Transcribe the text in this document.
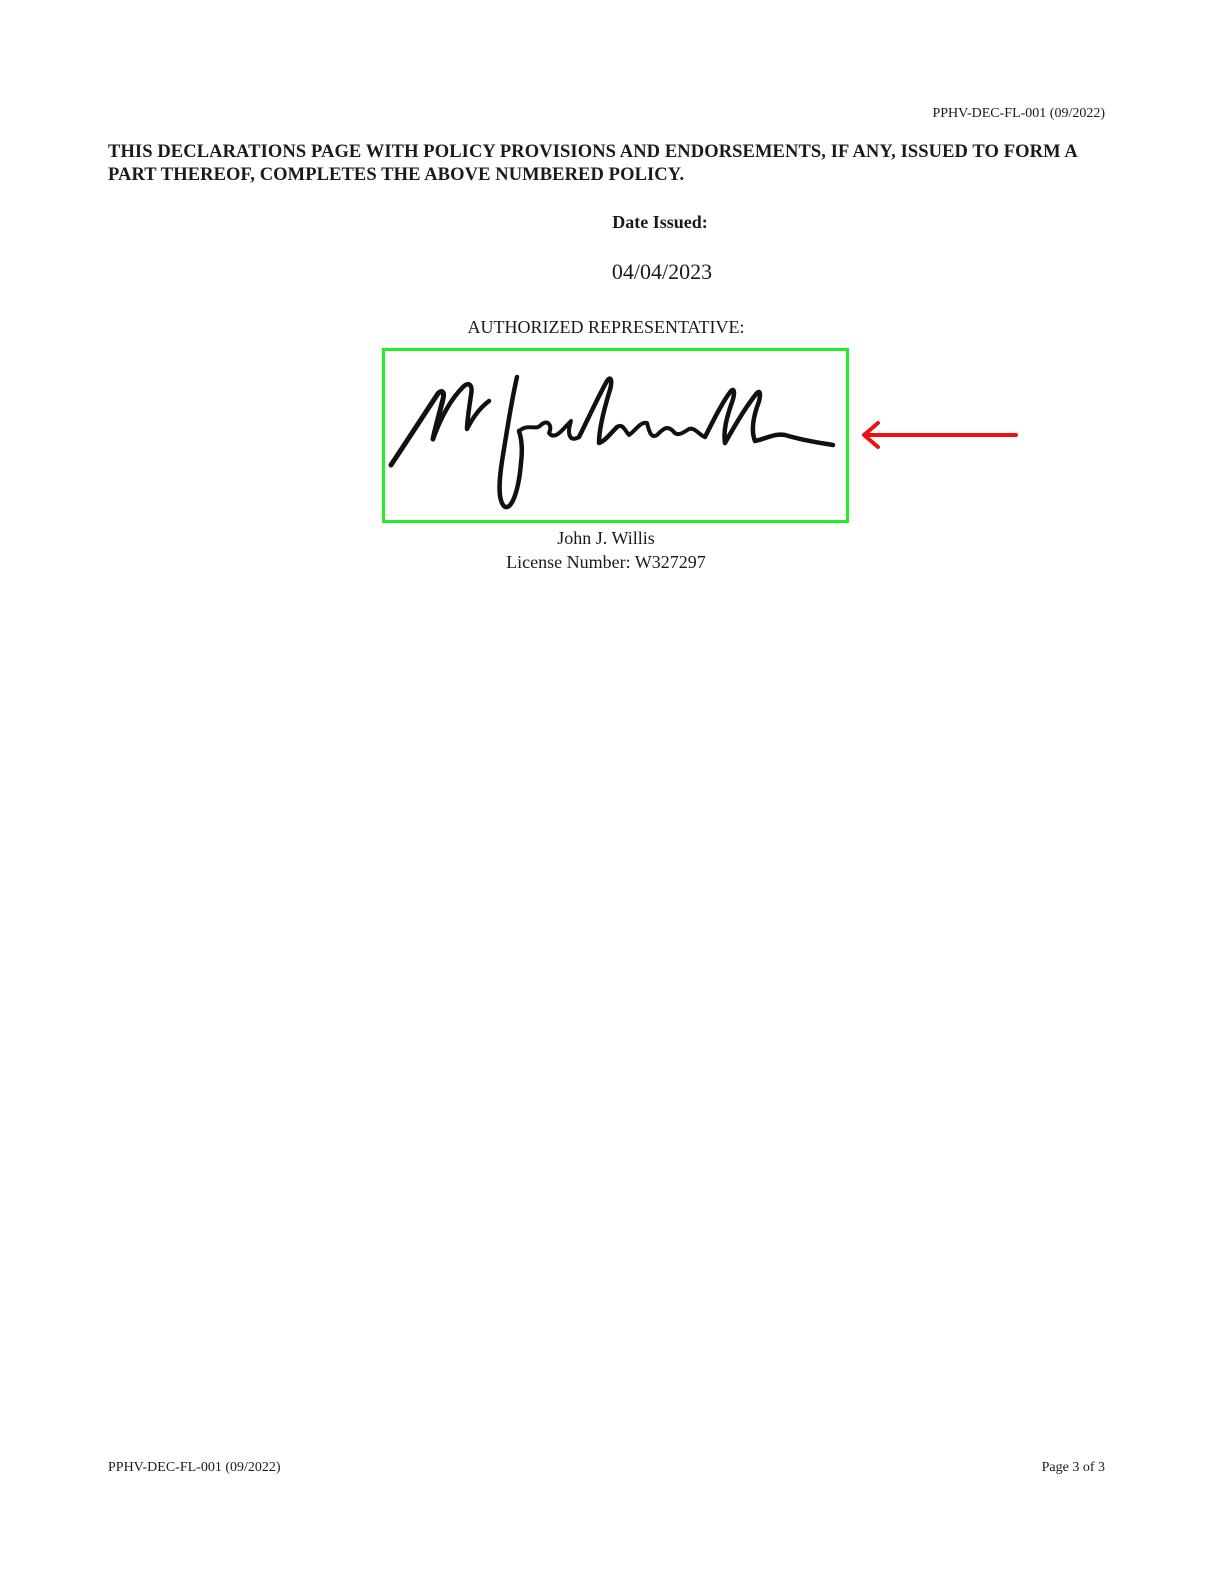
PPHV-DEC-FL-001 (09/2022)
THIS DECLARATIONS PAGE WITH POLICY PROVISIONS AND ENDORSEMENTS, IF ANY, ISSUED TO FORM A PART THEREOF, COMPLETES THE ABOVE NUMBERED POLICY.
Date Issued:
04/04/2023
AUTHORIZED REPRESENTATIVE:
John J. Willis
License Number: W327297
PPHV-DEC-FL-001 (09/2022)	Page 3 of 3
